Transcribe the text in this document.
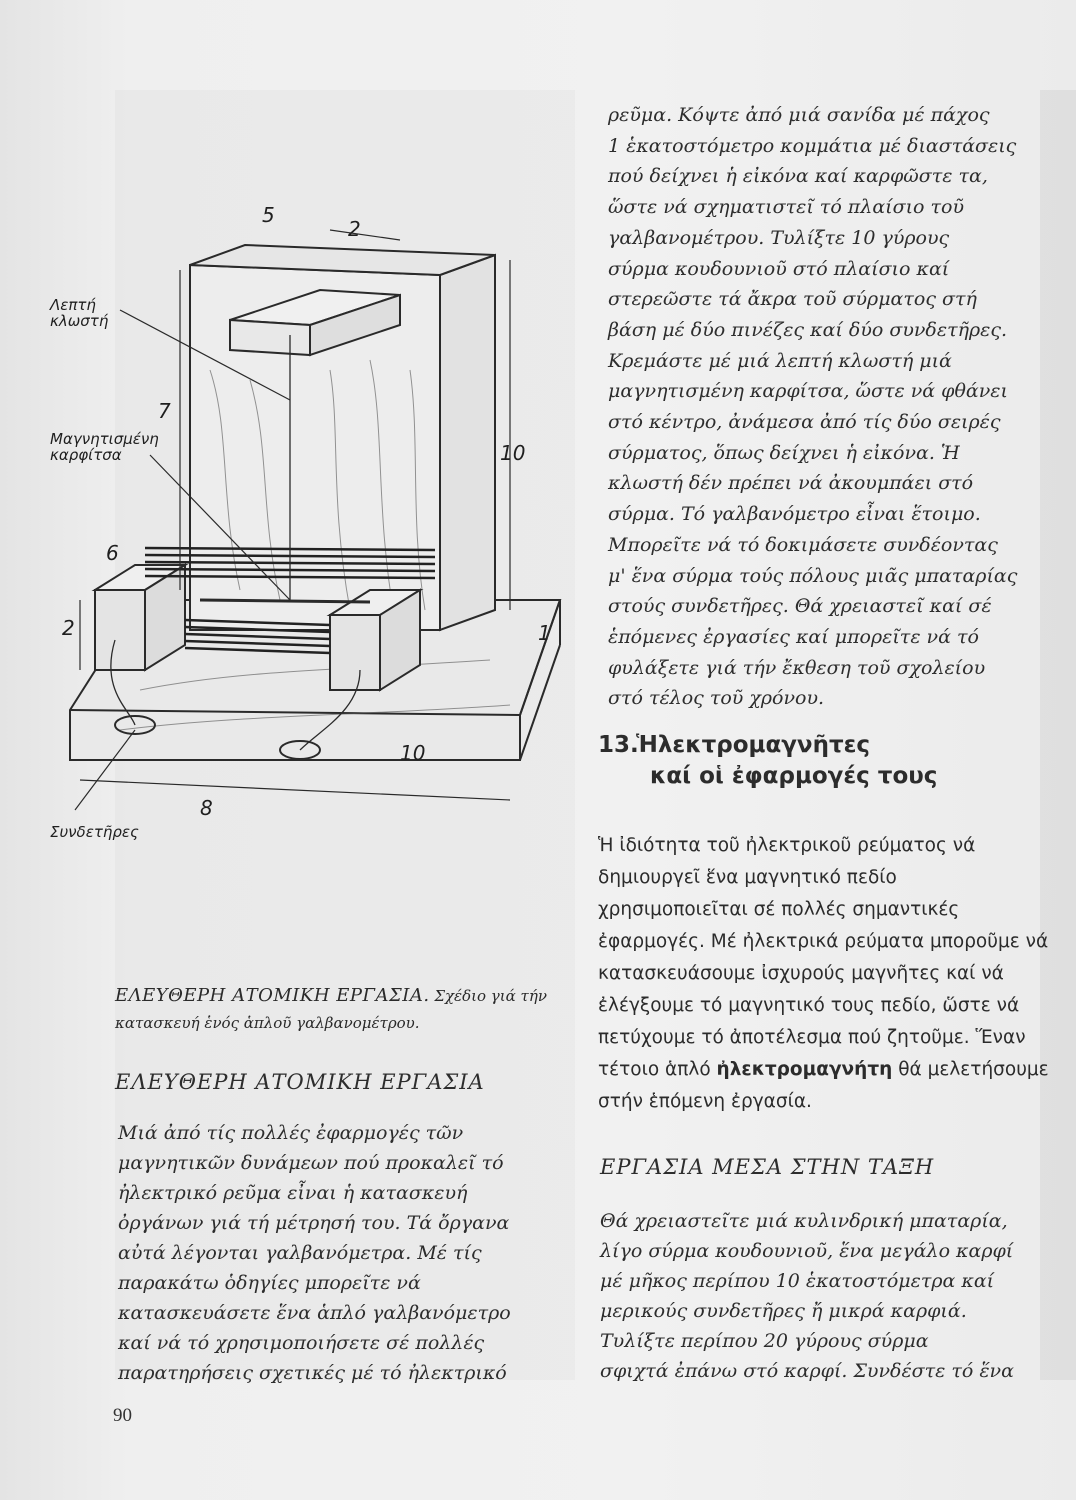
5
2
7
10
6
2	1
10
8
Λεπτή κλωστή
Μαγνητισμένη καρφίτσα
Συνδετῆρες
ΕΛΕΥΘΕΡΗ ΑΤΟΜΙΚΗ ΕΡΓΑΣΙΑ. Σχέδιο γιά τήν κατασκευή ἑνός ἁπλοῦ γαλβανομέτρου.
ΕΛΕΥΘΕΡΗ ΑΤΟΜΙΚΗ ΕΡΓΑΣΙΑ

Μιά ἀπό τίς πολλές ἐφαρμογές τῶν

μαγνητικῶν δυνάμεων πού προκαλεῖ τό

ἠλεκτρικό ρεῦμα εἶναι ἡ κατασκευή

ὀργάνων γιά τή μέτρησή του. Τά ὄργανα

αὐτά λέγονται γαλβανόμετρα. Μέ τίς

παρακάτω ὁδηγίες μπορεῖτε νά

κατασκευάσετε ἕνα ἁπλό γαλβανόμετρο

καί νά τό χρησιμοποιήσετε σέ πολλές

παρατηρήσεις σχετικές μέ τό ἠλεκτρικό

ρεῦμα. Κόψτε ἀπό μιά σανίδα μέ πάχος

1 ἑκατοστόμετρο κομμάτια μέ διαστάσεις

πού δείχνει ἡ εἰκόνα καί καρφῶστε τα,

ὥστε νά σχηματιστεῖ τό πλαίσιο τοῦ

γαλβανομέτρου. Τυλίξτε 10 γύρους

σύρμα κουδουνιοῦ στό πλαίσιο καί

στερεῶστε τά ἄκρα τοῦ σύρματος στή

βάση μέ δύο πινέζες καί δύο συνδετῆρες.

Κρεμάστε μέ μιά λεπτή κλωστή μιά

μαγνητισμένη καρφίτσα, ὥστε νά φθάνει

στό κέντρο, ἀνάμεσα ἀπό τίς δύο σειρές

σύρματος, ὅπως δείχνει ἡ εἰκόνα. Ἡ

κλωστή δέν πρέπει νά ἀκουμπάει στό

σύρμα. Τό γαλβανόμετρο εἶναι ἕτοιμο.

Μπορεῖτε νά τό δοκιμάσετε συνδέοντας

μ' ἕνα σύρμα τούς πόλους μιᾶς μπαταρίας

στούς συνδετῆρες. Θά χρειαστεῖ καί σέ

ἑπόμενες ἐργασίες καί μπορεῖτε νά τό

φυλάξετε γιά τήν ἔκθεση τοῦ σχολείου

στό τέλος τοῦ χρόνου.

13.Ἡλεκτρομαγνῆτες
καί οἱ ἐφαρμογές τους
Ἡ ἰδιότητα τοῦ ἠλεκτρικοῦ ρεύματος νά δημιουργεῖ ἕνα μαγνητικό πεδίο χρησιμοποιεῖται σέ πολλές σημαντικές ἐφαρμογές. Μέ ἠλεκτρικά ρεύματα μποροῦμε νά κατασκευάσουμε ἰσχυρούς μαγνῆτες καί νά ἐλέγξουμε τό μαγνητικό τους πεδίο, ὥστε νά πετύχουμε τό ἀποτέλεσμα πού ζητοῦμε. Ἕναν τέτοιο ἁπλό ἠλεκτρομαγνήτη θά μελετήσουμε στήν ἑπόμενη ἐργασία.
ΕΡΓΑΣΙΑ ΜΕΣΑ ΣΤΗΝ ΤΑΞΗ

Θά χρειαστεῖτε μιά κυλινδρική μπαταρία,

λίγο σύρμα κουδουνιοῦ, ἕνα μεγάλο καρφί

μέ μῆκος περίπου 10 ἑκατοστόμετρα καί

μερικούς συνδετῆρες ἤ μικρά καρφιά.

Τυλίξτε περίπου 20 γύρους σύρμα

σφιχτά ἐπάνω στό καρφί. Συνδέστε τό ἕνα

90
